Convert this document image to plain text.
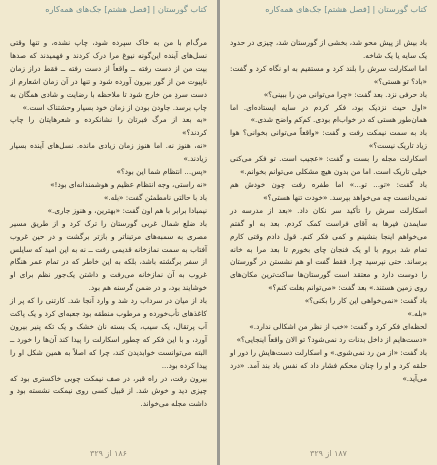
کتاب گورستان | [فصل هشتم] جک‌های همه‌کاره

مرگ‌ام با من به خاک سپرده شود، چاپ نشده، و تنها وقتی نسل‌های آینده این‌گونه نیوغ مرا درک کردند و فهمیدند که صدها بیت من از دست رفته ــ واقعاً از دست رفته ــ فقط دراز زمان ناپیوت من از گور بیرون آورده شود و تنها در آن زمان اشعارم از دست سردِ من خارج شود تا ملاحظه با رضایت و شادی همگان به چاپ برسد. جاودن بودن از زمان خود بسیار وحشتناک است.»

«به بعد از مرگ فبرتان را نشانکرده و شعرهایتان را چاپ کردند؟»

«نه، هنوز نه. اما هنوز زمان زیادی مانده. نسل‌های آینده بسیار زیادند.»

«پس... انتظام شما این بود؟»

«نه راستی، وجه انتظام عظیم و هوشمندانه‌ای بود!»

باد با حالتی نامطمئن گفت: «بله.»

نیمبادا برابر با هم اون گفت: «بهترین، و هنوز جاری.»

باد ضلع شمال غربی گورستان را ترک کرد و از طریق مسیر مصری به سمبه‌های مرتبنا‌تر و بازتر برگشت و در حین غروب آفتاب به سمت نمازخانه قدیمی رفت ــ نه به این امید که سایلس از سفر برگشته باشد، بلکه به این خاطر که در تمام عمر هنگام غروب به آن نمازخانه می‌رفت و داشتن یک‌جور نظم برای او خوشایند بود، و در ضمن گرسنه هم بود.

باد از میان در سرداب رد شد و وارد آنجا شد. کارتنی را که پر از کاغذهای تأب‌خورده و مرطوب منطقه بود جعبه‌ای کرد و یک پاکت آب پرتقال، یک سیب، یک بسته نان خشک و یک تکه پنیر بیرون آورد، و با این فکر که چطور اسکارلت را پیدا کند آن‌ها را خورد ــ البته می‌توانست خوابدیدن کند، چرا که اصلاً به همین شکل او را پیدا کرده بود...

بیرون رفت، در راه قبر، در صف نیمکت چوبی خاکستری بود که چیزی دید و خوش شد. از قبیل کسی روی نیمکت نشسته بود و داشت مجله می‌خواند.

۱۸۶ از ۳۲۹
کتاب گورستان | [فصل هشتم] جک‌های همه‌کاره

باد بیش از پیش محو شد، بخشی از گورستان شد، چیزی در حدود یک سایه یا یک شاخه.

اما اسکارلت سرش را بلند کرد و مستقیم به او نگاه کرد و گفت: «باد؟ تو هستی؟»

باد حرفی نزد. بعد گفت: «چرا می‌توانی من را ببینی؟»

«اول حیث نزدیک بود، فکر کردم در سایه ایستاده‌ای. اما همان‌طور هستی که در خواب‌ام بودی. کم‌کم واضح شدی.»

باد به سمت نیمکت رفت و گفت: «واقعاً می‌توانی بخوانی؟ هوا زیاد تاریک نیست؟»

اسکارلت مجله را بست و گفت: «عجیب است. تو فکر می‌کنی خیلی تاریک است. اما من بدون هیچ مشکلی می‌توانم بخوانم.»

باد گفت: «تو... تو...» اما طفره رفت چون خودش هم نمی‌دانست چه می‌خواهد بپرسد. «خودت تنها هستی؟»

اسکارلت سرش را تأکید سر نکان داد. «بعد از مدرسه در سایمدن فیرها به آقای فراست کمک کردم. بعد به او گفتم می‌خواهم اینجا بنشینم و کمی فکر کنم. قول دادم وقتی کارم تمام شد بروم با او یک فنجان چای بخورم تا بعد مرا به خانه برساند. حتی نپرسید چرا. فقط گفت او هم نشستن در گورستان را دوست دارد و معتقد است گورستان‌ها ساکت‌ترین مکان‌های روی زمین هستند.» بعد گفت: «می‌توانم بغلت کنم؟»

باد گفت: «نمی‌خواهی این کار را بکنی؟»

«بله.»

لحظه‌ای فکر کرد و گفت: «خب از نظر من اشکالی ندارد.»

«دست‌هایم از داخل بدنات رد نمی‌شود؟ تو الان واقعاً اینجایی؟»

باد گفت: «از من رد نمی‌شوی.» و اسکارلت دست‌هایش را دور او حلقه کرد و او را چنان محکم فشار داد که نفس باد بند آمد. «درد می‌آید.»

۱۸۷ از ۳۲۹
